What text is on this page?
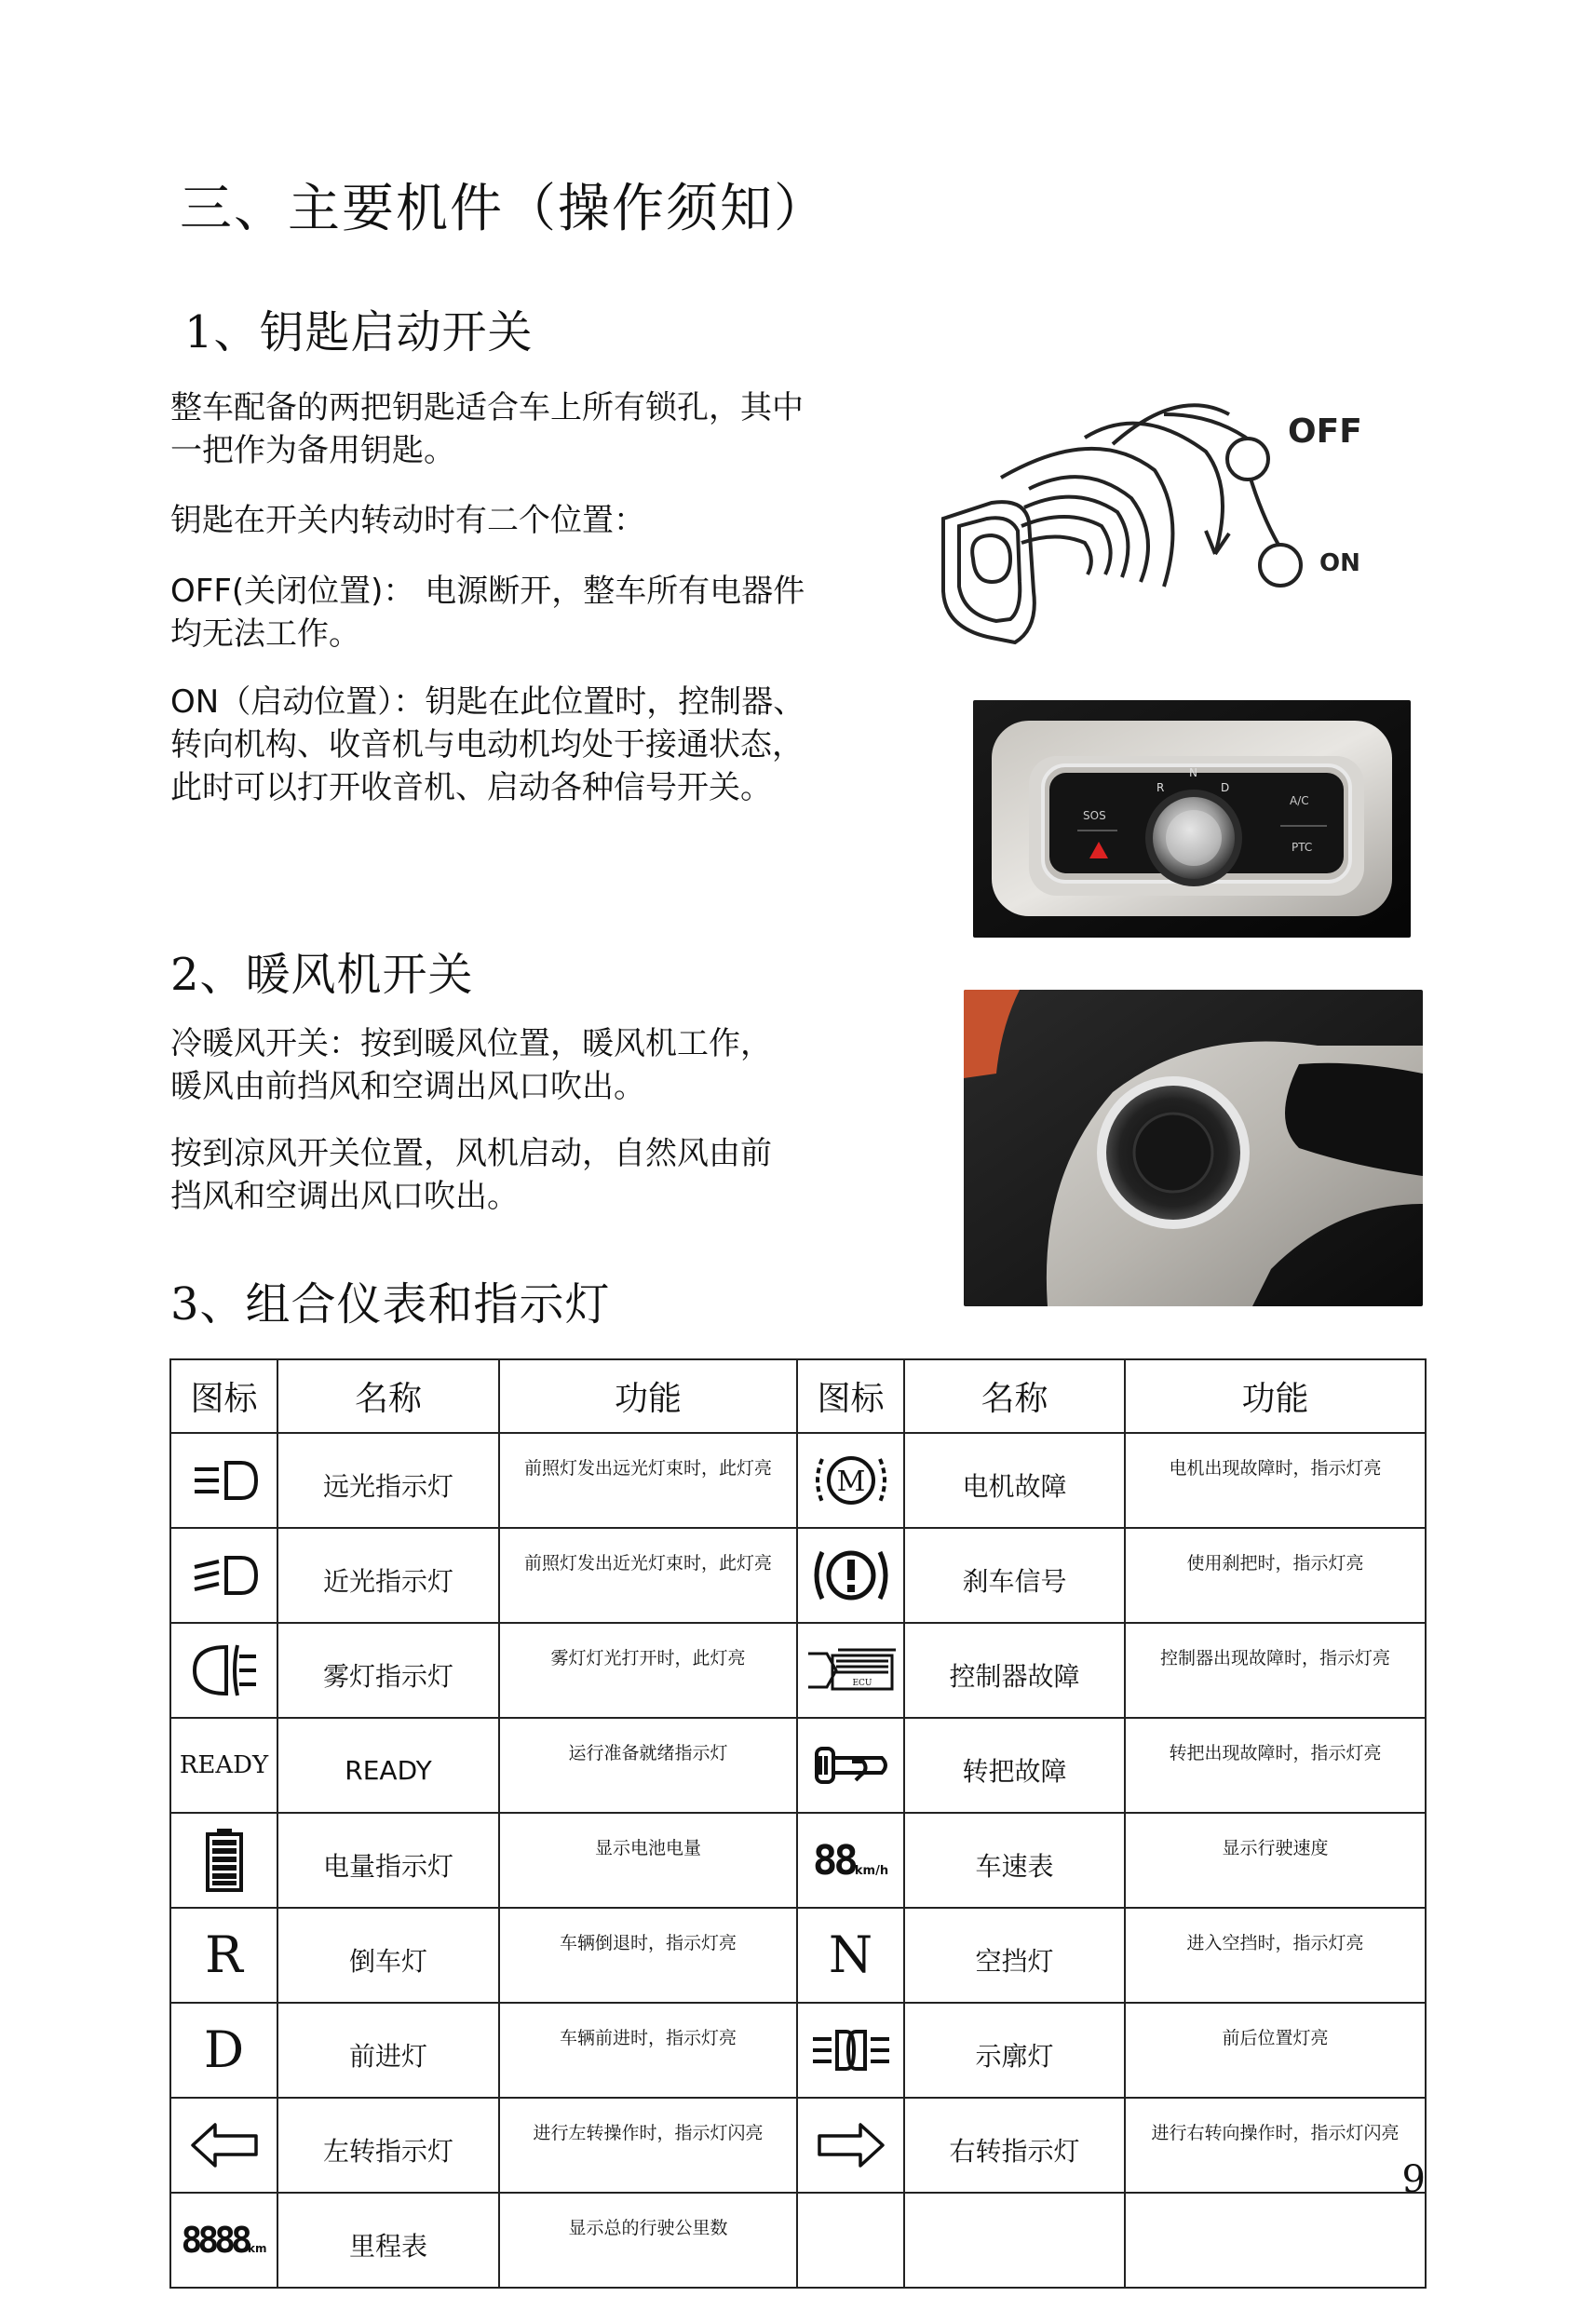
三、主要机件（操作须知）
1、钥匙启动开关
整车配备的两把钥匙适合车上所有锁孔，其中
一把作为备用钥匙。
钥匙在开关内转动时有二个位置：
OFF(关闭位置)： 电源断开，整车所有电器件
均无法工作。
ON（启动位置）：钥匙在此位置时，控制器、
转向机构、收音机与电动机均处于接通状态，
此时可以打开收音机、启动各种信号开关。
OFF
ON
SOS
A/C
PTC
R
N
D
2、暖风机开关
冷暖风开关：按到暖风位置，暖风机工作，
暖风由前挡风和空调出风口吹出。
按到凉风开关位置，风机启动，自然风由前
挡风和空调出风口吹出。
3、组合仪表和指示灯
图标	名称	功能	图标	名称	功能

	远光指示灯	前照灯发出远光灯束时，此灯亮	M	电机故障	电机出现故障时，指示灯亮

	近光指示灯	前照灯发出近光灯束时，此灯亮		刹车信号	使用刹把时，指示灯亮

	雾灯指示灯	雾灯灯光打开时，此灯亮	ECU	控制器故障	控制器出现故障时，指示灯亮
READY	READY	运行准备就绪指示灯		转把故障	转把出现故障时，指示灯亮

	电量指示灯	显示电池电量	88km/h	车速表	显示行驶速度
R	倒车灯	车辆倒退时，指示灯亮	N	空挡灯	进入空挡时，指示灯亮
D	前进灯	车辆前进时，指示灯亮		示廓灯	前后位置灯亮

	左转指示灯	进行左转操作时，指示灯闪亮		右转指示灯	进行右转向操作时，指示灯闪亮
8888km	里程表	显示总的行驶公里数			
9
